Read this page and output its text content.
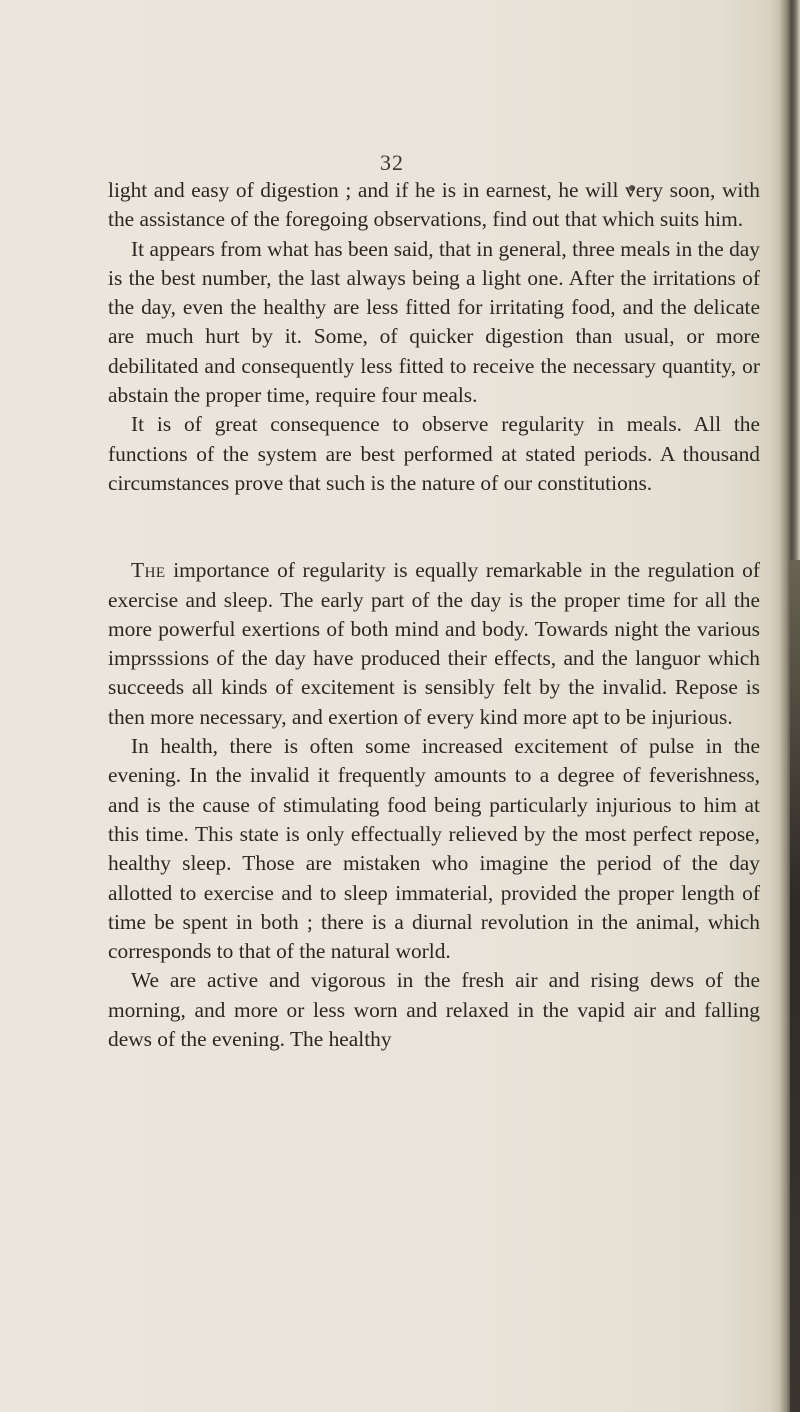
32

light and easy of digestion ; and if he is in earnest, he will very soon, with the assistance of the foregoing observations, find out that which suits him.

It appears from what has been said, that in general, three meals in the day is the best number, the last always being a light one. After the irritations of the day, even the healthy are less fitted for irritating food, and the delicate are much hurt by it. Some, of quicker digestion than usual, or more debilitated and consequently less fitted to receive the necessary quantity, or abstain the proper time, require four meals.

It is of great consequence to observe regularity in meals. All the functions of the system are best performed at stated periods. A thousand circumstances prove that such is the nature of our constitutions.

The importance of regularity is equally remarkable in the regulation of exercise and sleep. The early part of the day is the proper time for all the more powerful exertions of both mind and body. Towards night the various imprsssions of the day have produced their effects, and the languor which succeeds all kinds of excitement is sensibly felt by the invalid. Repose is then more necessary, and exertion of every kind more apt to be injurious.

In health, there is often some increased excitement of pulse in the evening. In the invalid it frequently amounts to a degree of feverishness, and is the cause of stimulating food being particularly injurious to him at this time. This state is only effectually relieved by the most perfect repose, healthy sleep. Those are mistaken who imagine the period of the day allotted to exercise and to sleep immaterial, provided the proper length of time be spent in both ; there is a diurnal revolution in the animal, which corresponds to that of the natural world.

We are active and vigorous in the fresh air and rising dews of the morning, and more or less worn and relaxed in the vapid air and falling dews of the evening. The healthy
